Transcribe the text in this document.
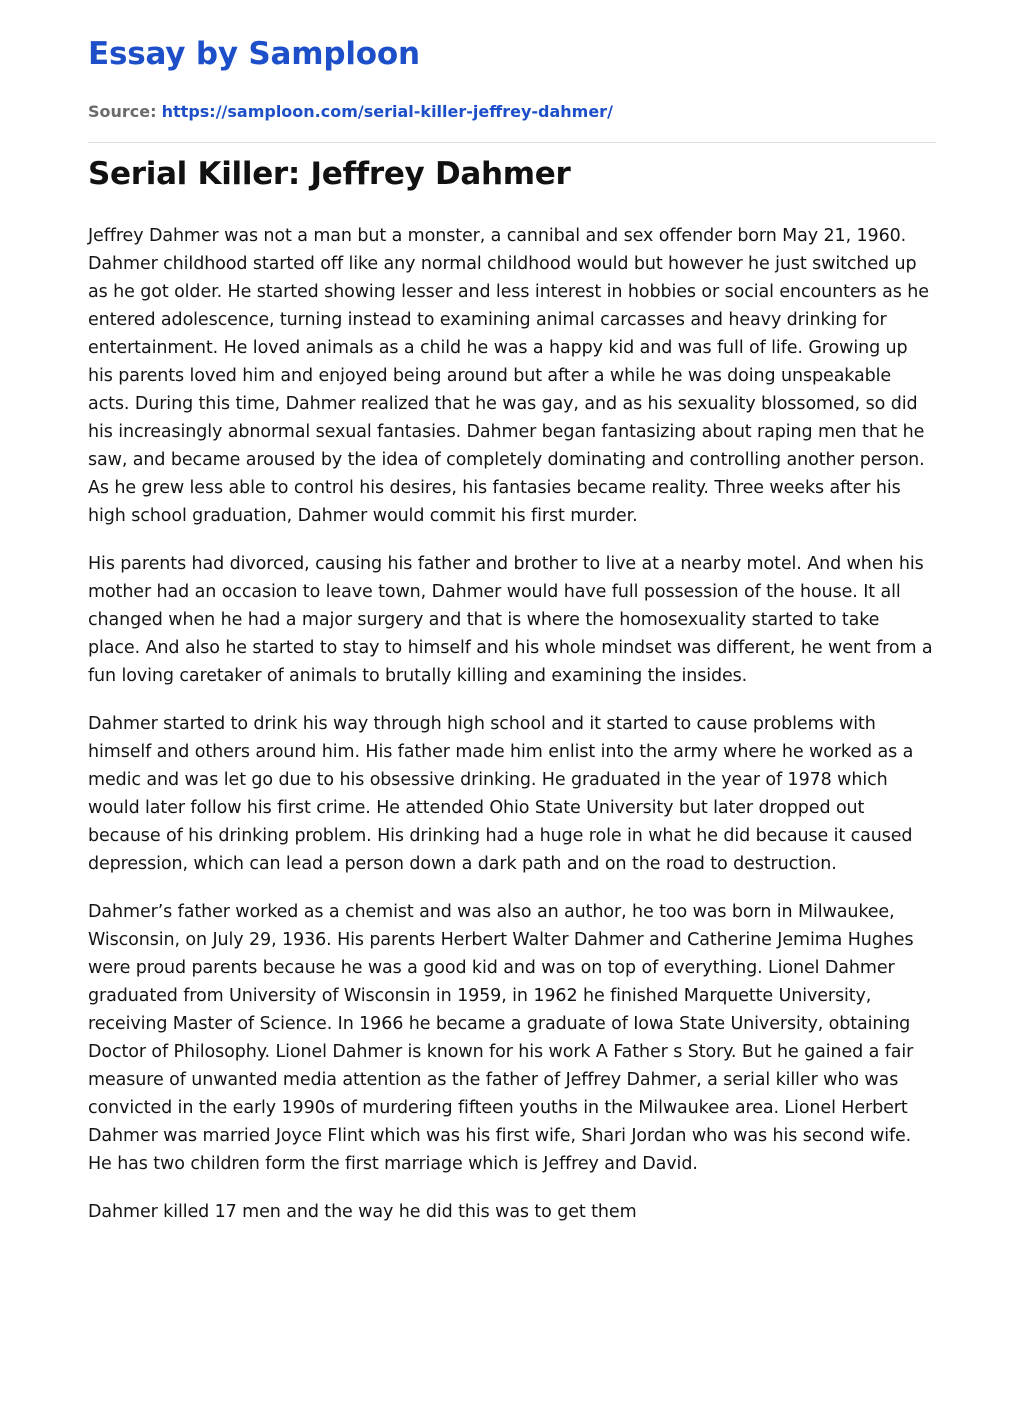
Essay by Samploon
Source: https://samploon.com/serial-killer-jeffrey-dahmer/
Serial Killer: Jeffrey Dahmer

Jeffrey Dahmer was not a man but a monster, a cannibal and sex offender born May 21, 1960. Dahmer childhood started off like any normal childhood would but however he just switched up as he got older. He started showing lesser and less interest in hobbies or social encounters as he entered adolescence, turning instead to examining animal carcasses and heavy drinking for entertainment. He loved animals as a child he was a happy kid and was full of life. Growing up his parents loved him and enjoyed being around but after a while he was doing unspeakable acts. During this time, Dahmer realized that he was gay, and as his sexuality blossomed, so did his increasingly abnormal sexual fantasies. Dahmer began fantasizing about raping men that he saw, and became aroused by the idea of completely dominating and controlling another person. As he grew less able to control his desires, his fantasies became reality. Three weeks after his high school graduation, Dahmer would commit his first murder.

His parents had divorced, causing his father and brother to live at a nearby motel. And when his mother had an occasion to leave town, Dahmer would have full possession of the house. It all changed when he had a major surgery and that is where the homosexuality started to take place. And also he started to stay to himself and his whole mindset was different, he went from a fun loving caretaker of animals to brutally killing and examining the insides.

Dahmer started to drink his way through high school and it started to cause problems with himself and others around him. His father made him enlist into the army where he worked as a medic and was let go due to his obsessive drinking. He graduated in the year of 1978 which would later follow his first crime. He attended Ohio State University but later dropped out because of his drinking problem. His drinking had a huge role in what he did because it caused depression, which can lead a person down a dark path and on the road to destruction.

Dahmer’s father worked as a chemist and was also an author, he too was born in Milwaukee, Wisconsin, on July 29, 1936. His parents Herbert Walter Dahmer and Catherine Jemima Hughes were proud parents because he was a good kid and was on top of everything. Lionel Dahmer graduated from University of Wisconsin in 1959, in 1962 he finished Marquette University, receiving Master of Science. In 1966 he became a graduate of Iowa State University, obtaining Doctor of Philosophy. Lionel Dahmer is known for his work A Father s Story. But he gained a fair measure of unwanted media attention as the father of Jeffrey Dahmer, a serial killer who was convicted in the early 1990s of murdering fifteen youths in the Milwaukee area. Lionel Herbert Dahmer was married Joyce Flint which was his first wife, Shari Jordan who was his second wife. He has two children form the first marriage which is Jeffrey and David.

Dahmer killed 17 men and the way he did this was to get them
